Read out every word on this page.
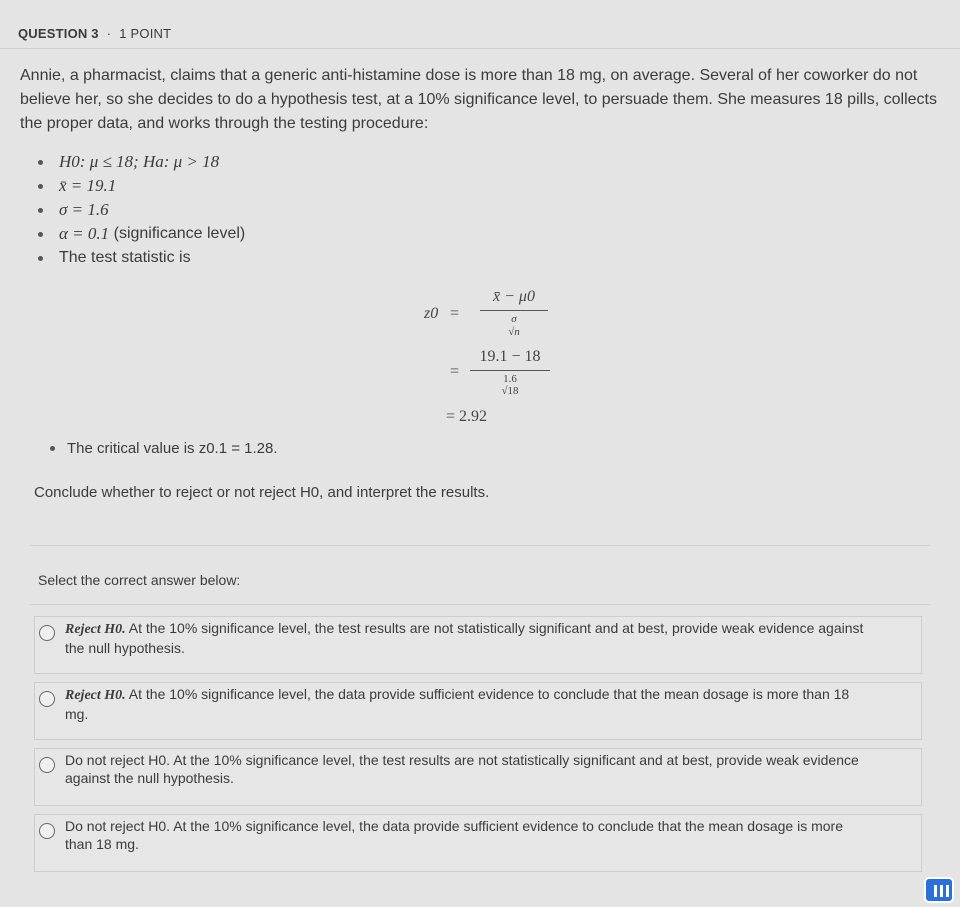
QUESTION 3 · 1 POINT

Annie, a pharmacist, claims that a generic anti-histamine dose is more than 18 mg, on average. Several of her coworker do not believe her, so she decides to do a hypothesis test, at a 10% significance level, to persuade them. She measures 18 pills, collects the proper data, and works through the testing procedure:

H0: μ ≤ 18; Ha: μ > 18
x̄ = 19.1
σ = 1.6
α = 0.1
(significance level)
The test statistic is
z0 =
x̄ − μ0
σ
√n
=
19.1 − 18
1.6
√18
= 2.92
The critical value is z0.1 = 1.28.
Conclude whether to reject or not reject H0, and interpret the results.
Select the correct answer below:
Reject H0. At the 10% significance level, the test results are not statistically significant and at best, provide weak evidence against the null hypothesis.
Reject H0. At the 10% significance level, the data provide sufficient evidence to conclude that the mean dosage is more than 18 mg.
Do not reject H0. At the 10% significance level, the test results are not statistically significant and at best, provide weak evidence against the null hypothesis.
Do not reject H0. At the 10% significance level, the data provide sufficient evidence to conclude that the mean dosage is more than 18 mg.
